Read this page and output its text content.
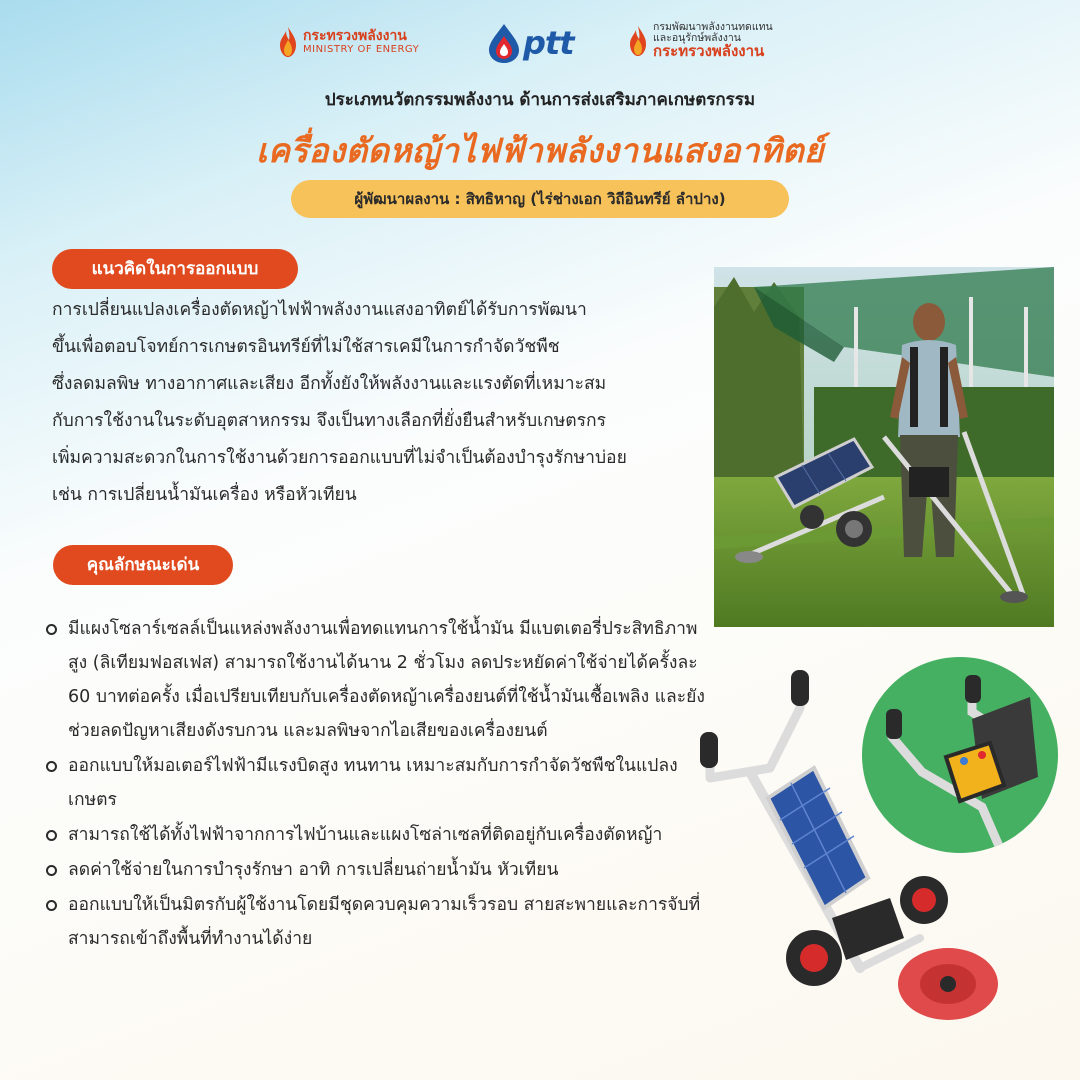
กระทรวงพลังงาน
MINISTRY OF ENERGY	ptt	กรมพัฒนาพลังงานทดแทน
และอนุรักษ์พลังงาน
กระทรวงพลังงาน
ประเภทนวัตกรรมพลังงาน ด้านการส่งเสริมภาคเกษตรกรรม
เครื่องตัดหญ้าไฟฟ้าพลังงานแสงอาทิตย์
ผู้พัฒนาผลงาน : สิทธิหาญ (ไร่ช่างเอก วิถีอินทรีย์ ลำปาง)
แนวคิดในการออกแบบ
การเปลี่ยนแปลงเครื่องตัดหญ้าไฟฟ้าพลังงานแสงอาทิตย์ได้รับการพัฒนา
ขึ้นเพื่อตอบโจทย์การเกษตรอินทรีย์ที่ไม่ใช้สารเคมีในการกำจัดวัชพืช
ซึ่งลดมลพิษ ทางอากาศและเสียง อีกทั้งยังให้พลังงานและแรงตัดที่เหมาะสม
กับการใช้งานในระดับอุตสาหกรรม จึงเป็นทางเลือกที่ยั่งยืนสำหรับเกษตรกร
เพิ่มความสะดวกในการใช้งานด้วยการออกแบบที่ไม่จำเป็นต้องบำรุงรักษาบ่อย
เช่น การเปลี่ยนน้ำมันเครื่อง หรือหัวเทียน
คุณลักษณะเด่น
มีแผงโซลาร์เซลล์เป็นแหล่งพลังงานเพื่อทดแทนการใช้น้ำมัน มีแบตเตอรี่ประสิทธิภาพสูง (ลิเทียมฟอสเฟส) สามารถใช้งานได้นาน 2 ชั่วโมง ลดประหยัดค่าใช้จ่ายได้ครั้งละ 60 บาทต่อครั้ง เมื่อเปรียบเทียบกับเครื่องตัดหญ้าเครื่องยนต์ที่ใช้น้ำมันเชื้อเพลิง และยังช่วยลดปัญหาเสียงดังรบกวน และมลพิษจากไอเสียของเครื่องยนต์
ออกแบบให้มอเตอร์ไฟฟ้ามีแรงบิดสูง ทนทาน เหมาะสมกับการกำจัดวัชพืชในแปลงเกษตร
สามารถใช้ได้ทั้งไฟฟ้าจากการไฟบ้านและแผงโซล่าเซลที่ติดอยู่กับเครื่องตัดหญ้า
ลดค่าใช้จ่ายในการบำรุงรักษา อาทิ การเปลี่ยนถ่ายน้ำมัน หัวเทียน
ออกแบบให้เป็นมิตรกับผู้ใช้งานโดยมีชุดควบคุมความเร็วรอบ สายสะพายและการจับที่สามารถเข้าถึงพื้นที่ทำงานได้ง่าย
